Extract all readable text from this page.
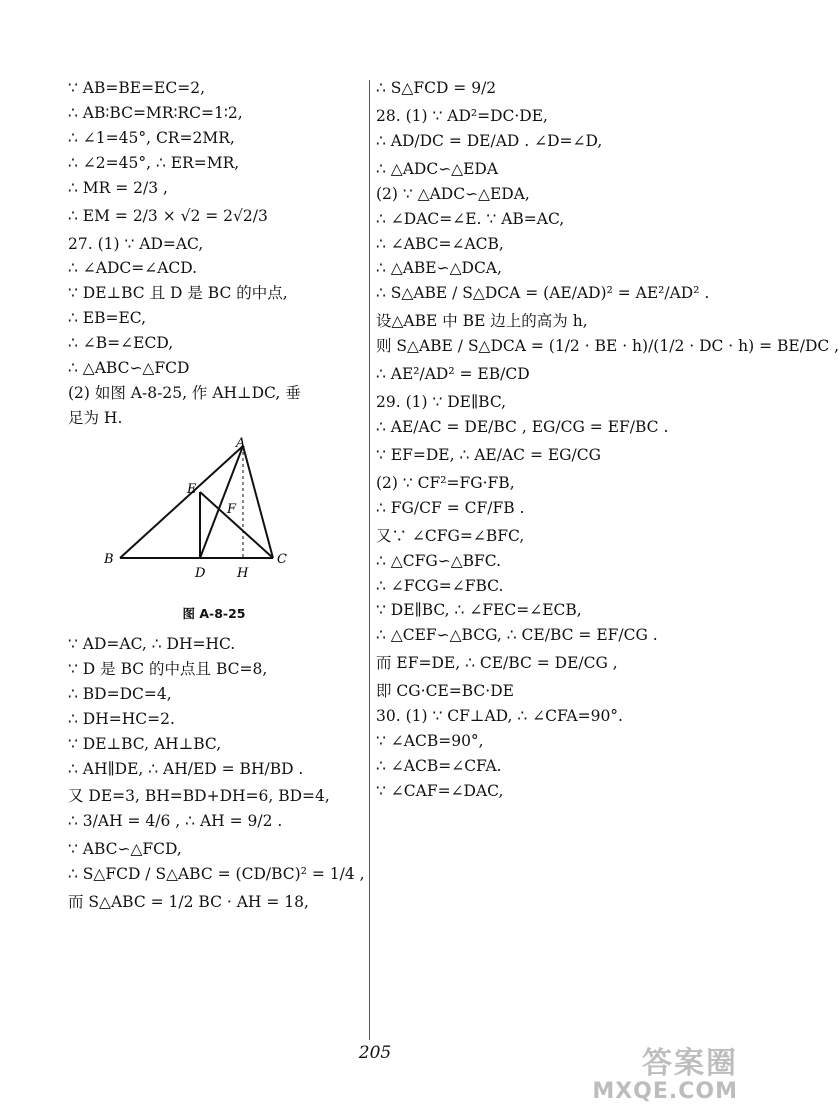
∵ AB=BE=EC=2,
∴ AB∶BC=MR∶RC=1∶2,
∴ ∠1=45°, CR=2MR,
∴ ∠2=45°, ∴ ER=MR,
∴ MR = 2/3 ,
∴ EM = 2/3 × √2 = 2√2/3
27. (1) ∵ AD=AC,
∴ ∠ADC=∠ACD.
∵ DE⊥BC 且 D 是 BC 的中点,
∴ EB=EC,
∴ ∠B=∠ECD,
∴ △ABC∽△FCD
(2) 如图 A-8-25, 作 AH⊥DC, 垂
足为 H.
A
B	C
D
E
F
H
图 A-8-25
∵ AD=AC, ∴ DH=HC.
∵ D 是 BC 的中点且 BC=8,
∴ BD=DC=4,
∴ DH=HC=2.
∵ DE⊥BC, AH⊥BC,
∴ AH∥DE, ∴ AH/ED = BH/BD .
又 DE=3, BH=BD+DH=6, BD=4,
∴ 3/AH = 4/6 , ∴ AH = 9/2 .
∵ ABC∽△FCD,
∴ S△FCD / S△ABC = (CD/BC)² = 1/4 ,
而 S△ABC = 1/2 BC · AH = 18,
∴ S△FCD = 9/2
28. (1) ∵ AD²=DC·DE,
∴ AD/DC = DE/AD . ∠D=∠D,
∴ △ADC∽△EDA
(2) ∵ △ADC∽△EDA,
∴ ∠DAC=∠E. ∵ AB=AC,
∴ ∠ABC=∠ACB,
∴ △ABE∽△DCA,
∴ S△ABE / S△DCA = (AE/AD)² = AE²/AD² .
设△ABE 中 BE 边上的高为 h,
则 S△ABE / S△DCA = (1/2 · BE · h)/(1/2 · DC · h) = BE/DC ,
∴ AE²/AD² = EB/CD
29. (1) ∵ DE∥BC,
∴ AE/AC = DE/BC , EG/CG = EF/BC .
∵ EF=DE, ∴ AE/AC = EG/CG
(2) ∵ CF²=FG·FB,
∴ FG/CF = CF/FB .
又∵ ∠CFG=∠BFC,
∴ △CFG∽△BFC.
∴ ∠FCG=∠FBC.
∵ DE∥BC, ∴ ∠FEC=∠ECB,
∴ △CEF∽△BCG, ∴ CE/BC = EF/CG .
而 EF=DE, ∴ CE/BC = DE/CG ,
即 CG·CE=BC·DE
30. (1) ∵ CF⊥AD, ∴ ∠CFA=90°.
∵ ∠ACB=90°,
∴ ∠ACB=∠CFA.
∵ ∠CAF=∠DAC,
205	答案圈
MXQE.COM
